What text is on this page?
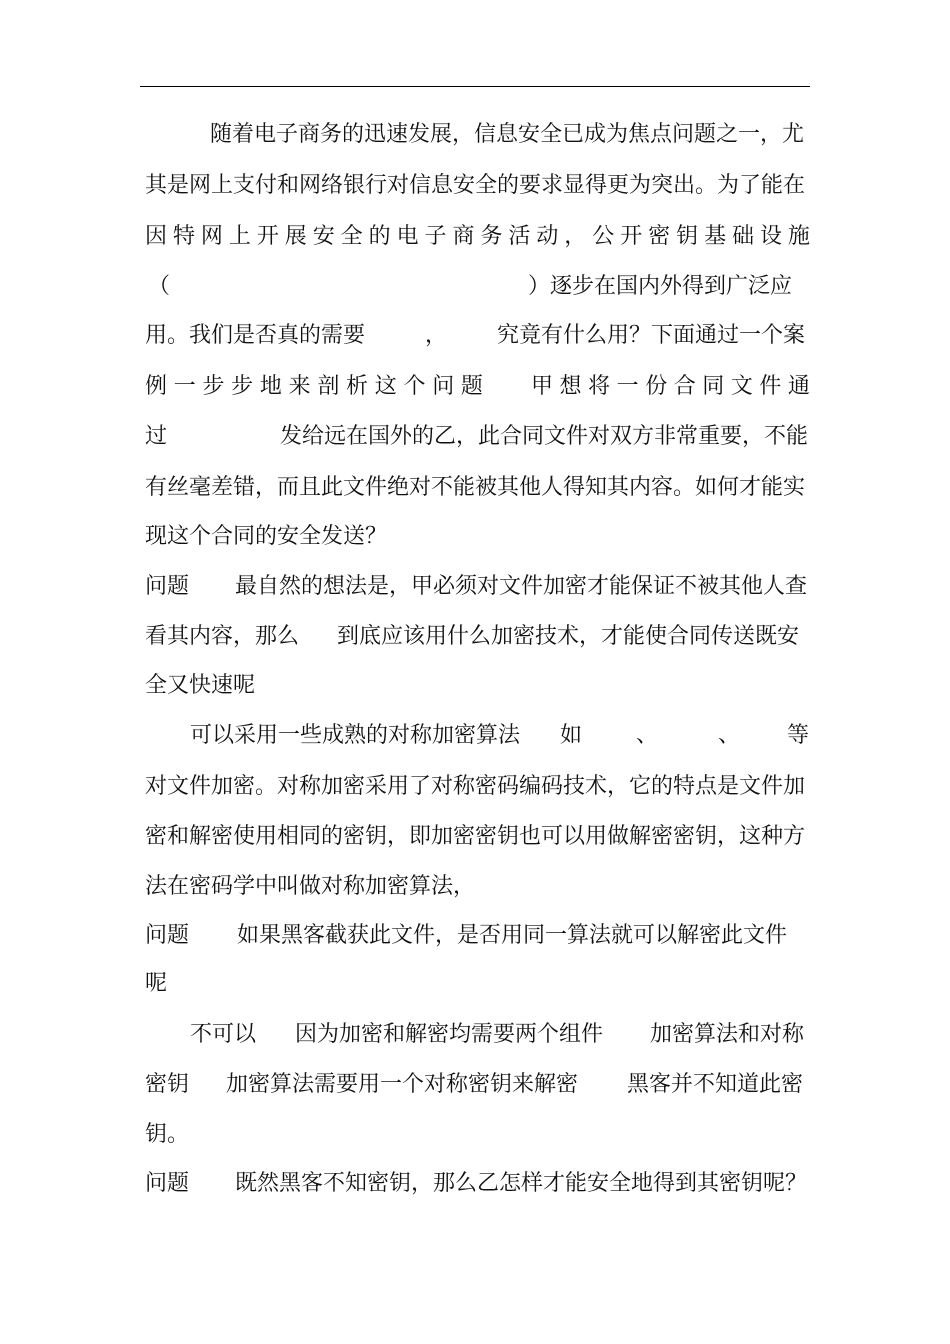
随着电子商务的迅速发展，信息安全已成为焦点问题之一，尤
其是网上支付和网络银行对信息安全的要求显得更为突出。为了能在
因 特 网 上 开 展 安 全 的 电 子 商 务 活 动 ， 公 开 密 钥 基 础 设 施
（	）逐步在国内外得到广泛应
用。我们是否真的需要	， 究竟有什么用？下面通过一个案
例 一 步 步 地 来 剖 析 这 个 问 题 甲 想 将 一 份 合 同 文 件 通
过	发给远在国外的乙，此合同文件对双方非常重要，不能
有丝毫差错，而且此文件绝对不能被其他人得知其内容。如何才能实
现这个合同的安全发送？
问题 最自然的想法是，甲必须对文件加密才能保证不被其他人查
看其内容，那么 到底应该用什么加密技术，才能使合同传送既安
全又快速呢
可以采用一些成熟的对称加密算法 如 、	、 等
对文件加密。对称加密采用了对称密码编码技术，它的特点是文件加
密和解密使用相同的密钥，即加密密钥也可以用做解密密钥，这种方
法在密码学中叫做对称加密算法，
问题 如果黑客截获此文件，是否用同一算法就可以解密此文件
呢
不可以 因为加密和解密均需要两个组件 加密算法和对称
密钥 加密算法需要用一个对称密钥来解密 黑客并不知道此密
钥。
问题 既然黑客不知密钥，那么乙怎样才能安全地得到其密钥呢？
